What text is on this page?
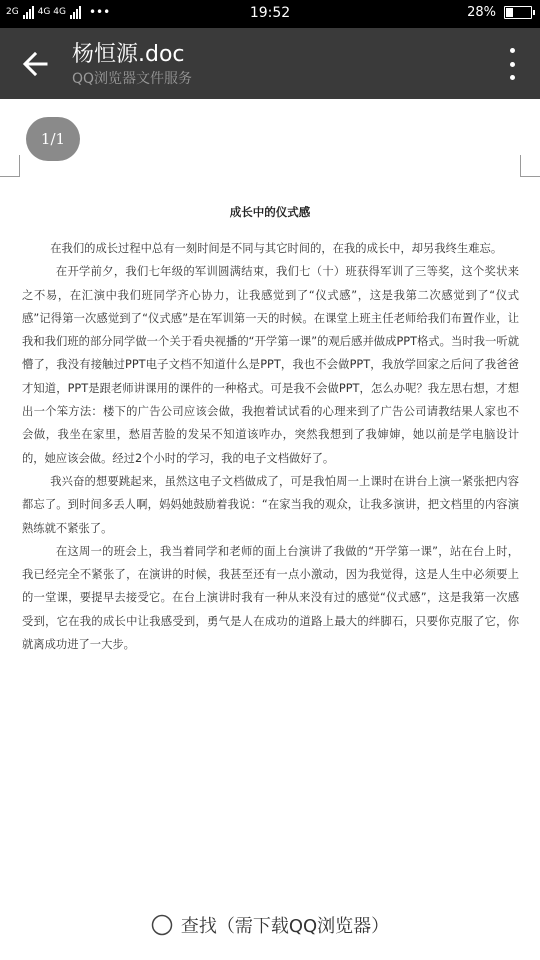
2G 4G 4G •••	19:52	28%
杨恒源.doc
QQ浏览器文件服务
1/1
成长中的仪式感

在我们的成长过程中总有一刻时间是不同与其它时间的，在我的成长中，却另我终生难忘。

在开学前夕，我们七年级的军训圆满结束，我们七（十）班获得军训了三等奖，这个奖状来之不易，在汇演中我们班同学齐心协力，让我感觉到了“仪式感”，这是我第二次感觉到了“仪式感”记得第一次感觉到了“仪式感”是在军训第一天的时候。在课堂上班主任老师给我们布置作业，让我和我们班的部分同学做一个关于看央视播的“开学第一课”的观后感并做成PPT格式。当时我一听就懵了，我没有接触过PPT电子文档不知道什么是PPT，我也不会做PPT，我放学回家之后问了我爸爸才知道，PPT是跟老师讲课用的课件的一种格式。可是我不会做PPT，怎么办呢？我左思右想，才想出一个笨方法：楼下的广告公司应该会做，我抱着试试看的心理来到了广告公司请教结果人家也不会做，我坐在家里，愁眉苦脸的发呆不知道该咋办，突然我想到了我婶婶，她以前是学电脑设计的，她应该会做。经过2个小时的学习，我的电子文档做好了。

我兴奋的想要跳起来，虽然这电子文档做成了，可是我怕周一上课时在讲台上演一紧张把内容都忘了。到时间多丢人啊，妈妈她鼓励着我说：“在家当我的观众，让我多演讲，把文档里的内容演熟练就不紧张了。

在这周一的班会上，我当着同学和老师的面上台演讲了我做的“开学第一课”，站在台上时，我已经完全不紧张了，在演讲的时候，我甚至还有一点小激动，因为我觉得，这是人生中必须要上的一堂课，要提早去接受它。在台上演讲时我有一种从来没有过的感觉“仪式感”，这是我第一次感受到，它在我的成长中让我感受到，勇气是人在成功的道路上最大的绊脚石，只要你克服了它，你就离成功进了一大步。

查找（需下载QQ浏览器）
